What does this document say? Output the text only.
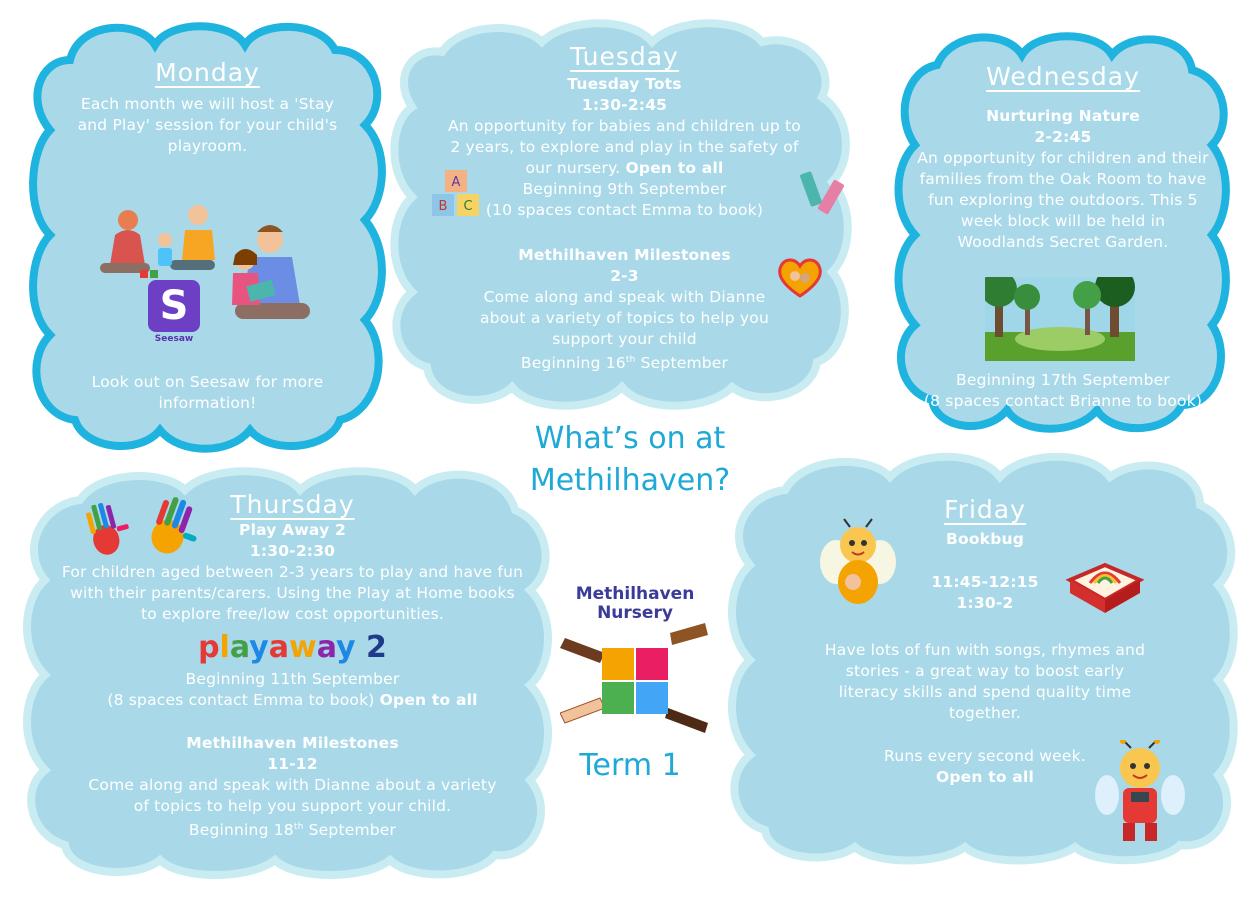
Monday
Each month we will host a 'Stay and Play' session for your child's playroom.
S
Seesaw
Look out on Seesaw for more information!
Tuesday
Tuesday Tots
1:30-2:45
An opportunity for babies and children up to 2 years, to explore and play in the safety of our nursery. Open to all
Beginning 9th September
(10 spaces contact Emma to book)
Methilhaven Milestones
2-3
Come along and speak with Dianne about a variety of topics to help you support your child
Beginning 16th September
A
B C
Wednesday
Nurturing Nature
2-2:45
An opportunity for children and their families from the Oak Room to have fun exploring the outdoors. This 5 week block will be held in Woodlands Secret Garden.
Beginning 17th September
(8 spaces contact Brianne to book)
What’s on at
Methilhaven?
Methilhaven
Nursery
Term 1
Thursday
Play Away 2
1:30-2:30
For children aged between 2-3 years to play and have fun with their parents/carers. Using the Play at Home books to explore free/low cost opportunities.
playaway 2
Beginning 11th September
(8 spaces contact Emma to book) Open to all
Methilhaven Milestones
11-12
Come along and speak with Dianne about a variety of topics to help you support your child.
Beginning 18th September
Friday
Bookbug
11:45-12:15
1:30-2
Have lots of fun with songs, rhymes and stories - a great way to boost early literacy skills and spend quality time together.
Runs every second week.
Open to all
